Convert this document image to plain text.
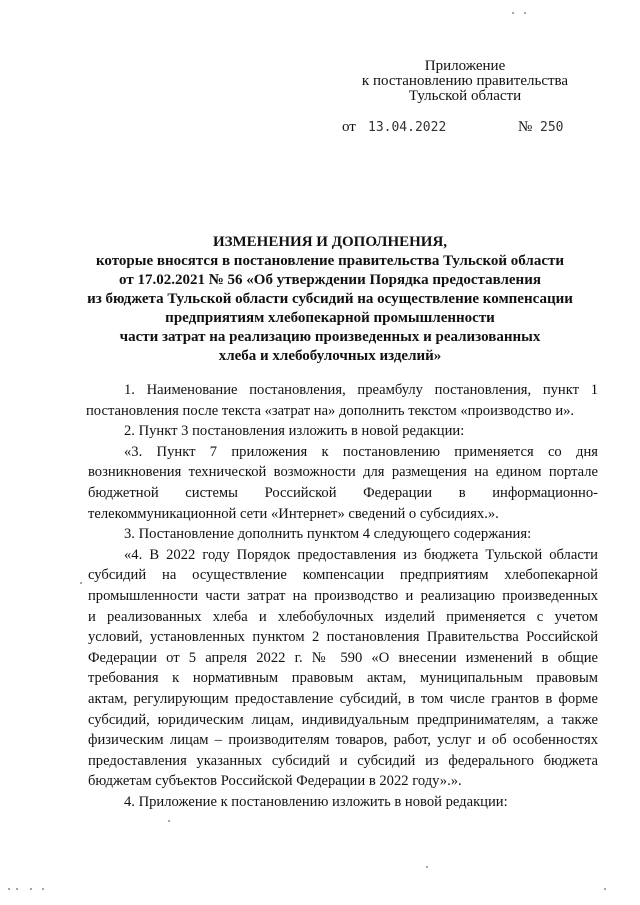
Приложение
к постановлению правительства
Тульской области
от 13.04.2022	№ 250
ИЗМЕНЕНИЯ И ДОПОЛНЕНИЯ,
которые вносятся в постановление правительства Тульской области
от 17.02.2021 № 56 «Об утверждении Порядка предоставления
из бюджета Тульской области субсидий на осуществление компенсации
предприятиям хлебопекарной промышленности
части затрат на реализацию произведенных и реализованных
хлеба и хлебобулочных изделий»
1. Наименование постановления, преамбулу постановления, пункт 1
постановления после текста «затрат на» дополнить текстом «производство и».
2. Пункт 3 постановления изложить в новой редакции:
«3. Пункт 7 приложения к постановлению применяется со дня
возникновения технической возможности для размещения на едином портале
бюджетной системы Российской Федерации в информационно-
телекоммуникационной сети «Интернет» сведений о субсидиях.».
3. Постановление дополнить пунктом 4 следующего содержания:
«4. В 2022 году Порядок предоставления из бюджета Тульской области
субсидий на осуществление компенсации предприятиям хлебопекарной
промышленности части затрат на производство и реализацию произведенных
и реализованных хлеба и хлебобулочных изделий применяется с учетом
условий, установленных пунктом 2 постановления Правительства Российской
Федерации от 5 апреля 2022 г. № 590 «О внесении изменений в общие
требования к нормативным правовым актам, муниципальным правовым
актам, регулирующим предоставление субсидий, в том числе грантов в форме
субсидий, юридическим лицам, индивидуальным предпринимателям, а также
физическим лицам – производителям товаров, работ, услуг и об особенностях
предоставления указанных субсидий и субсидий из федерального бюджета
бюджетам субъектов Российской Федерации в 2022 году».».
4. Приложение к постановлению изложить в новой редакции:
